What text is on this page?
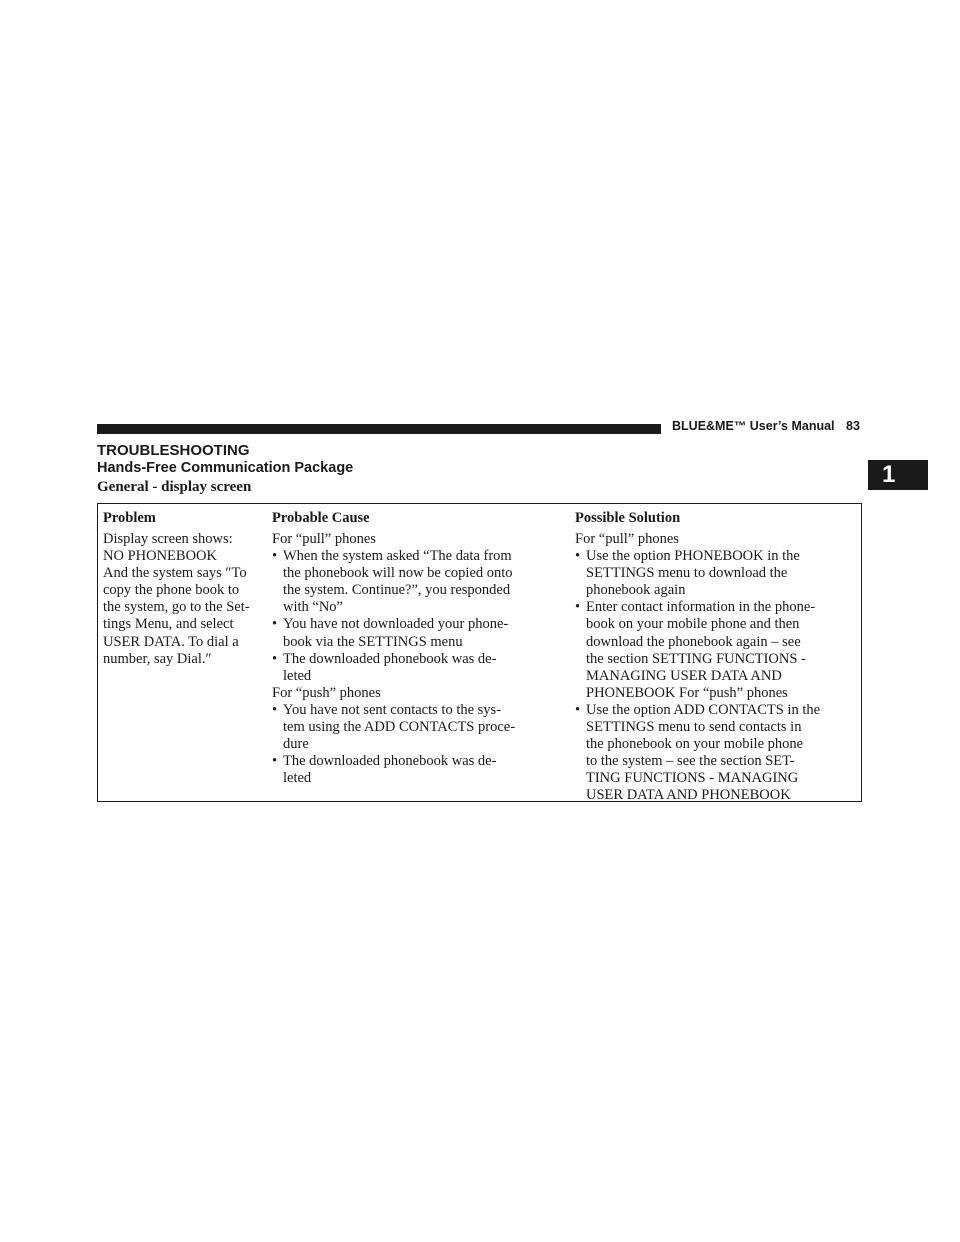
BLUE&ME™ User’s Manual 83
1
TROUBLESHOOTING
Hands-Free Communication Package
General - display screen
Problem	Probable Cause	Possible Solution
Display screen shows:
NO PHONEBOOK
And the system says ″To
copy the phone book to
the system, go to the Set-
tings Menu, and select
USER DATA. To dial a
number, say Dial.″
For “pull” phones
• When the system asked “The data from
the phonebook will now be copied onto
the system. Continue?”, you responded
with “No”
• You have not downloaded your phone-
book via the SETTINGS menu
• The downloaded phonebook was de-
leted
For “push” phones
• You have not sent contacts to the sys-
tem using the ADD CONTACTS proce-
dure
• The downloaded phonebook was de-
leted
For “pull” phones
• Use the option PHONEBOOK in the
SETTINGS menu to download the
phonebook again
• Enter contact information in the phone-
book on your mobile phone and then
download the phonebook again – see
the section SETTING FUNCTIONS -
MANAGING USER DATA AND
PHONEBOOK For “push” phones
• Use the option ADD CONTACTS in the
SETTINGS menu to send contacts in
the phonebook on your mobile phone
to the system – see the section SET-
TING FUNCTIONS - MANAGING
USER DATA AND PHONEBOOK
